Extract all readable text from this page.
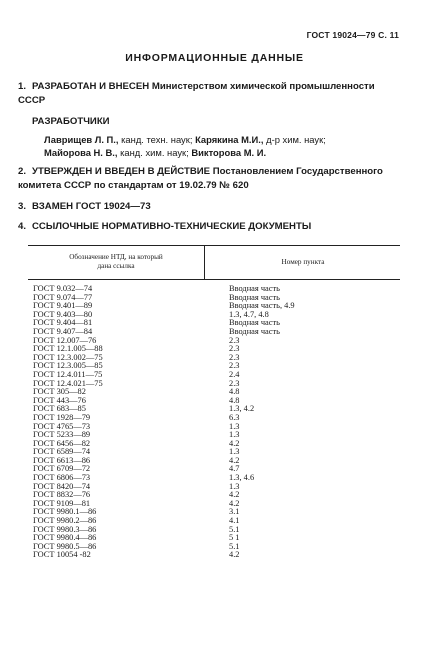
ГОСТ 19024—79 С. 11
ИНФОРМАЦИОННЫЕ ДАННЫЕ
1. РАЗРАБОТАН И ВНЕСЕН Министерством химической промышленности СССР
РАЗРАБОТЧИКИ
Лаврищев Л. П., канд. техн. наук; Карякина М.И., д-р хим. наук;
Майорова Н. В., канд. хим. наук; Викторова М. И.
2. УТВЕРЖДЕН И ВВЕДЕН В ДЕЙСТВИЕ Постановлением Государственного комитета СССР по стандартам от 19.02.79 № 620
3. ВЗАМЕН ГОСТ 19024—73
4. ССЫЛОЧНЫЕ НОРМАТИВНО-ТЕХНИЧЕСКИЕ ДОКУМЕНТЫ
Обозначение НТД, на который
дана ссылка	Номер пункта
ГОСТ 9.032—74	Вводная часть
ГОСТ 9.074—77	Вводная часть
ГОСТ 9.401—89	Вводная часть, 4.9
ГОСТ 9.403—80	1.3, 4.7, 4.8
ГОСТ 9.404—81	Вводная часть
ГОСТ 9.407—84	Вводная часть
ГОСТ 12.007—76	2.3
ГОСТ 12.1.005—88	2.3
ГОСТ 12.3.002—75	2.3
ГОСТ 12.3.005—85	2.3
ГОСТ 12.4.011—75	2.4
ГОСТ 12.4.021—75	2.3
ГОСТ 305—82	4.8
ГОСТ 443—76	4.8
ГОСТ 683—85	1.3, 4.2
ГОСТ 1928—79	6.3
ГОСТ 4765—73	1.3
ГОСТ 5233—89	1.3
ГОСТ 6456—82	4.2
ГОСТ 6589—74	1.3
ГОСТ 6613—86	4.2
ГОСТ 6709—72	4.7
ГОСТ 6806—73	1.3, 4.6
ГОСТ 8420—74	1.3
ГОСТ 8832—76	4.2
ГОСТ 9109—81	4.2
ГОСТ 9980.1—86	3.1
ГОСТ 9980.2—86	4.1
ГОСТ 9980.3—86	5.1
ГОСТ 9980.4—86	5 1
ГОСТ 9980.5—86	5.1
ГОСТ 10054 -82	4.2
